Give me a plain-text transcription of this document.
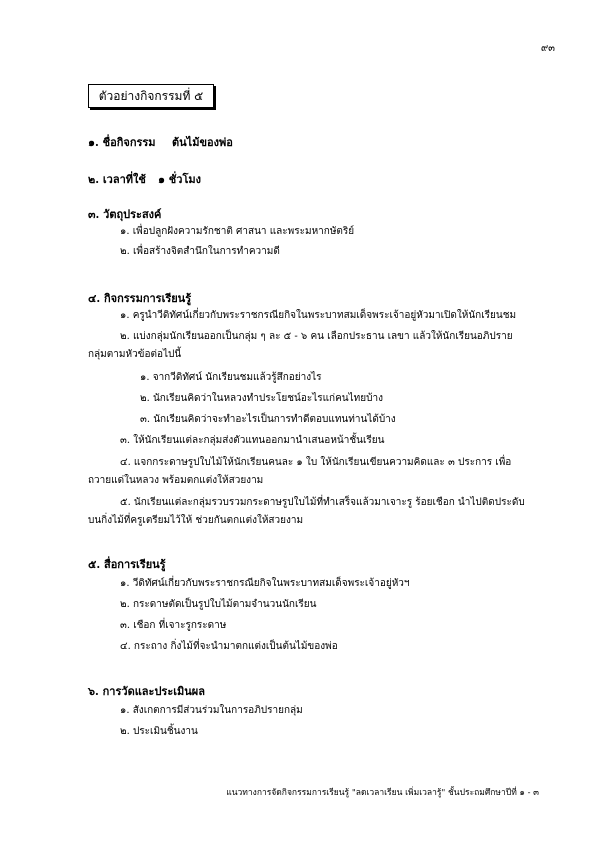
๙๓
ตัวอย่างกิจกรรมที่ ๕
๑. ชื่อกิจกรรม ต้นไม้ของพ่อ
๒. เวลาที่ใช้ ๑ ชั่วโมง
๓. วัตถุประสงค์
๑. เพื่อปลูกฝังความรักชาติ ศาสนา และพระมหากษัตริย์
๒. เพื่อสร้างจิตสำนึกในการทำความดี
๔. กิจกรรมการเรียนรู้
๑. ครูนำวีดิทัศน์เกี่ยวกับพระราชกรณียกิจในพระบาทสมเด็จพระเจ้าอยู่หัวมาเปิดให้นักเรียนชม
๒. แบ่งกลุ่มนักเรียนออกเป็นกลุ่ม ๆ ละ ๕ - ๖ คน เลือกประธาน เลขา แล้วให้นักเรียนอภิปราย
กลุ่มตามหัวข้อต่อไปนี้
๑. จากวีดิทัศน์ นักเรียนชมแล้วรู้สึกอย่างไร
๒. นักเรียนคิดว่าในหลวงทำประโยชน์อะไรแก่คนไทยบ้าง
๓. นักเรียนคิดว่าจะทำอะไรเป็นการทำดีตอบแทนท่านได้บ้าง
๓. ให้นักเรียนแต่ละกลุ่มส่งตัวแทนออกมานำเสนอหน้าชั้นเรียน
๔. แจกกระดาษรูปใบไม้ให้นักเรียนคนละ ๑ ใบ ให้นักเรียนเขียนความคิดและ ๓ ประการ เพื่อ
ถวายแด่ในหลวง พร้อมตกแต่งให้สวยงาม
๕. นักเรียนแต่ละกลุ่มรวบรวมกระดาษรูปใบไม้ที่ทำเสร็จแล้วมาเจาะรู ร้อยเชือก นำไปติดประดับ
บนกิ่งไม้ที่ครูเตรียมไว้ให้ ช่วยกันตกแต่งให้สวยงาม
๕. สื่อการเรียนรู้
๑. วีดิทัศน์เกี่ยวกับพระราชกรณียกิจในพระบาทสมเด็จพระเจ้าอยู่หัวฯ
๒. กระดาษตัดเป็นรูปใบไม้ตามจำนวนนักเรียน
๓. เชือก ที่เจาะรูกระดาษ
๔. กระถาง กิ่งไม้ที่จะนำมาตกแต่งเป็นต้นไม้ของพ่อ
๖. การวัดและประเมินผล
๑. สังเกตการมีส่วนร่วมในการอภิปรายกลุ่ม
๒. ประเมินชิ้นงาน
แนวทางการจัดกิจกรรมการเรียนรู้ "ลดเวลาเรียน เพิ่มเวลารู้" ชั้นประถมศึกษาปีที่ ๑ - ๓
